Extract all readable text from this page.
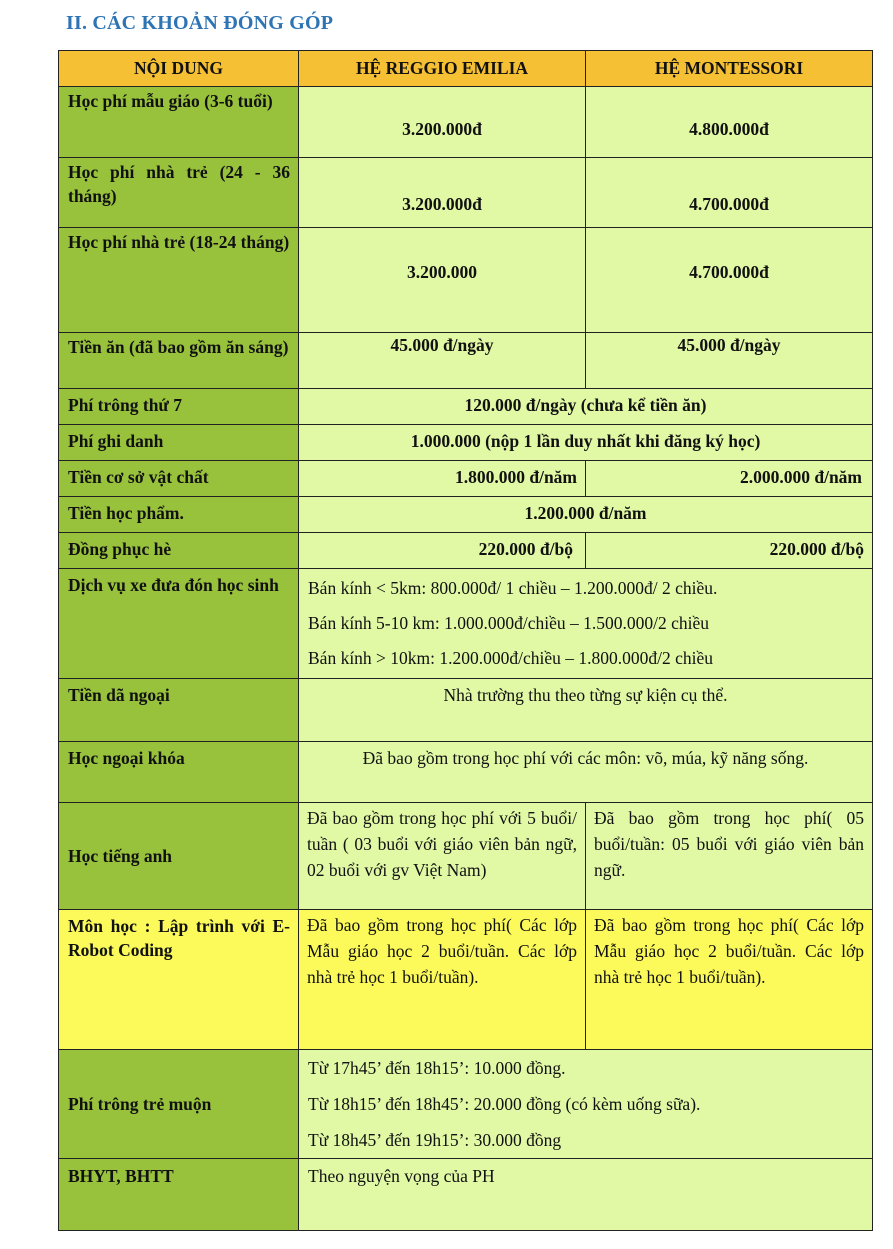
II. CÁC KHOẢN ĐÓNG GÓP
NỘI DUNG	HỆ REGGIO EMILIA	HỆ MONTESSORI
Học phí mẫu giáo (3-6 tuổi)	3.200.000đ	4.800.000đ
Học phí nhà trẻ (24 - 36 tháng)	3.200.000đ	4.700.000đ
Học phí nhà trẻ (18-24 tháng)	3.200.000	4.700.000đ
Tiền ăn (đã bao gồm ăn sáng)	45.000 đ/ngày	45.000 đ/ngày
Phí trông thứ 7	120.000 đ/ngày (chưa kể tiền ăn)	
Phí ghi danh	1.000.000 (nộp 1 lần duy nhất khi đăng ký học)	
Tiền cơ sở vật chất	1.800.000 đ/năm	2.000.000 đ/năm
Tiền học phẩm.	1.200.000 đ/năm	
Đồng phục hè	220.000 đ/bộ	220.000 đ/bộ
Dịch vụ xe đưa đón học sinh	Bán kính < 5km: 800.000đ/ 1 chiều – 1.200.000đ/ 2 chiều.
Bán kính 5-10 km: 1.000.000đ/chiều – 1.500.000/2 chiều
Bán kính > 10km: 1.200.000đ/chiều – 1.800.000đ/2 chiều	

Tiền dã ngoại	Nhà trường thu theo từng sự kiện cụ thể.	
Học ngoại khóa	Đã bao gồm trong học phí với các môn: võ, múa, kỹ năng sống.	
Học tiếng anh	Đã bao gồm trong học phí với 5 buổi/ tuần ( 03 buổi với giáo viên bản ngữ, 02 buổi với gv Việt Nam)	Đã bao gồm trong học phí( 05 buổi/tuần: 05 buổi với giáo viên bản ngữ.
Môn học : Lập trình với E-Robot Coding	Đã bao gồm trong học phí( Các lớp Mẫu giáo học 2 buổi/tuần. Các lớp nhà trẻ học 1 buổi/tuần).	Đã bao gồm trong học phí( Các lớp Mẫu giáo học 2 buổi/tuần. Các lớp nhà trẻ học 1 buổi/tuần).
Phí trông trẻ muộn	Từ 17h45’ đến 18h15’: 10.000 đồng.
Từ 18h15’ đến 18h45’: 20.000 đồng (có kèm uống sữa).
Từ 18h45’ đến 19h15’: 30.000 đồng	

BHYT, BHTT	Theo nguyện vọng của PH	
